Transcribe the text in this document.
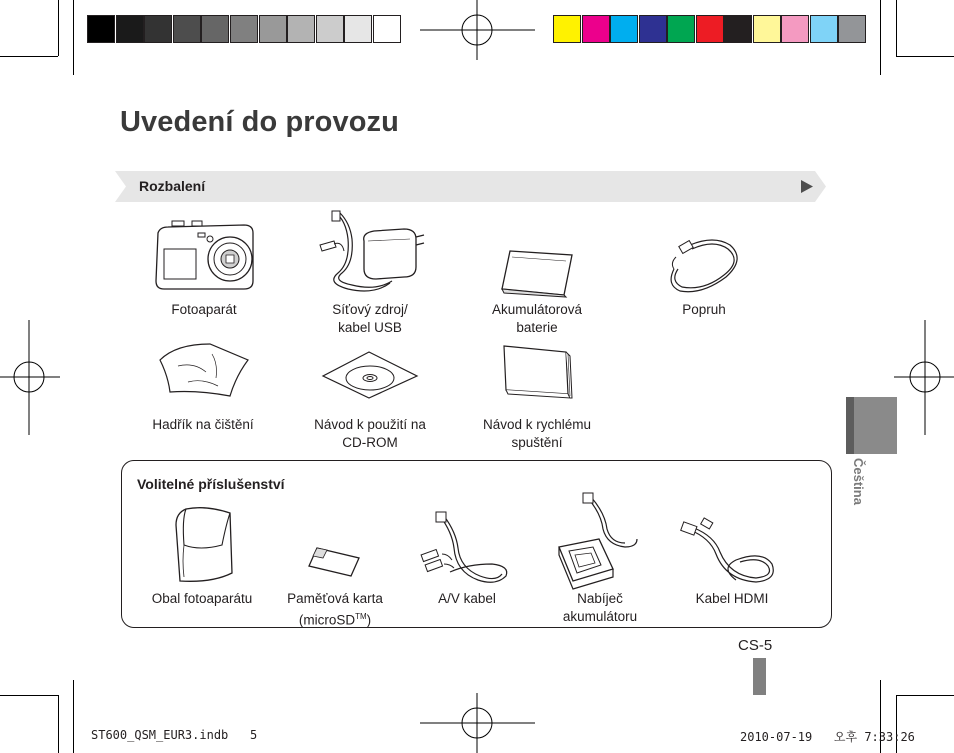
Uvedení do provozu
Rozbalení
Fotoaparát	Síťový zdroj/
kabel USB
Akumulátorová
baterie
Popruh
Hadřík na čištění	Návod k použití na
CD-ROM
Návod k rychlému
spuštění
Volitelné příslušenství
Obal fotoaparátu	Paměťová karta
(microSD™)
A/V kabel	Nabíječ
akumulátoru
Kabel HDMI
Čeština
CS-5
ST600_QSM_EUR3.indb   5	2010-07-19   오후 7:33:26
